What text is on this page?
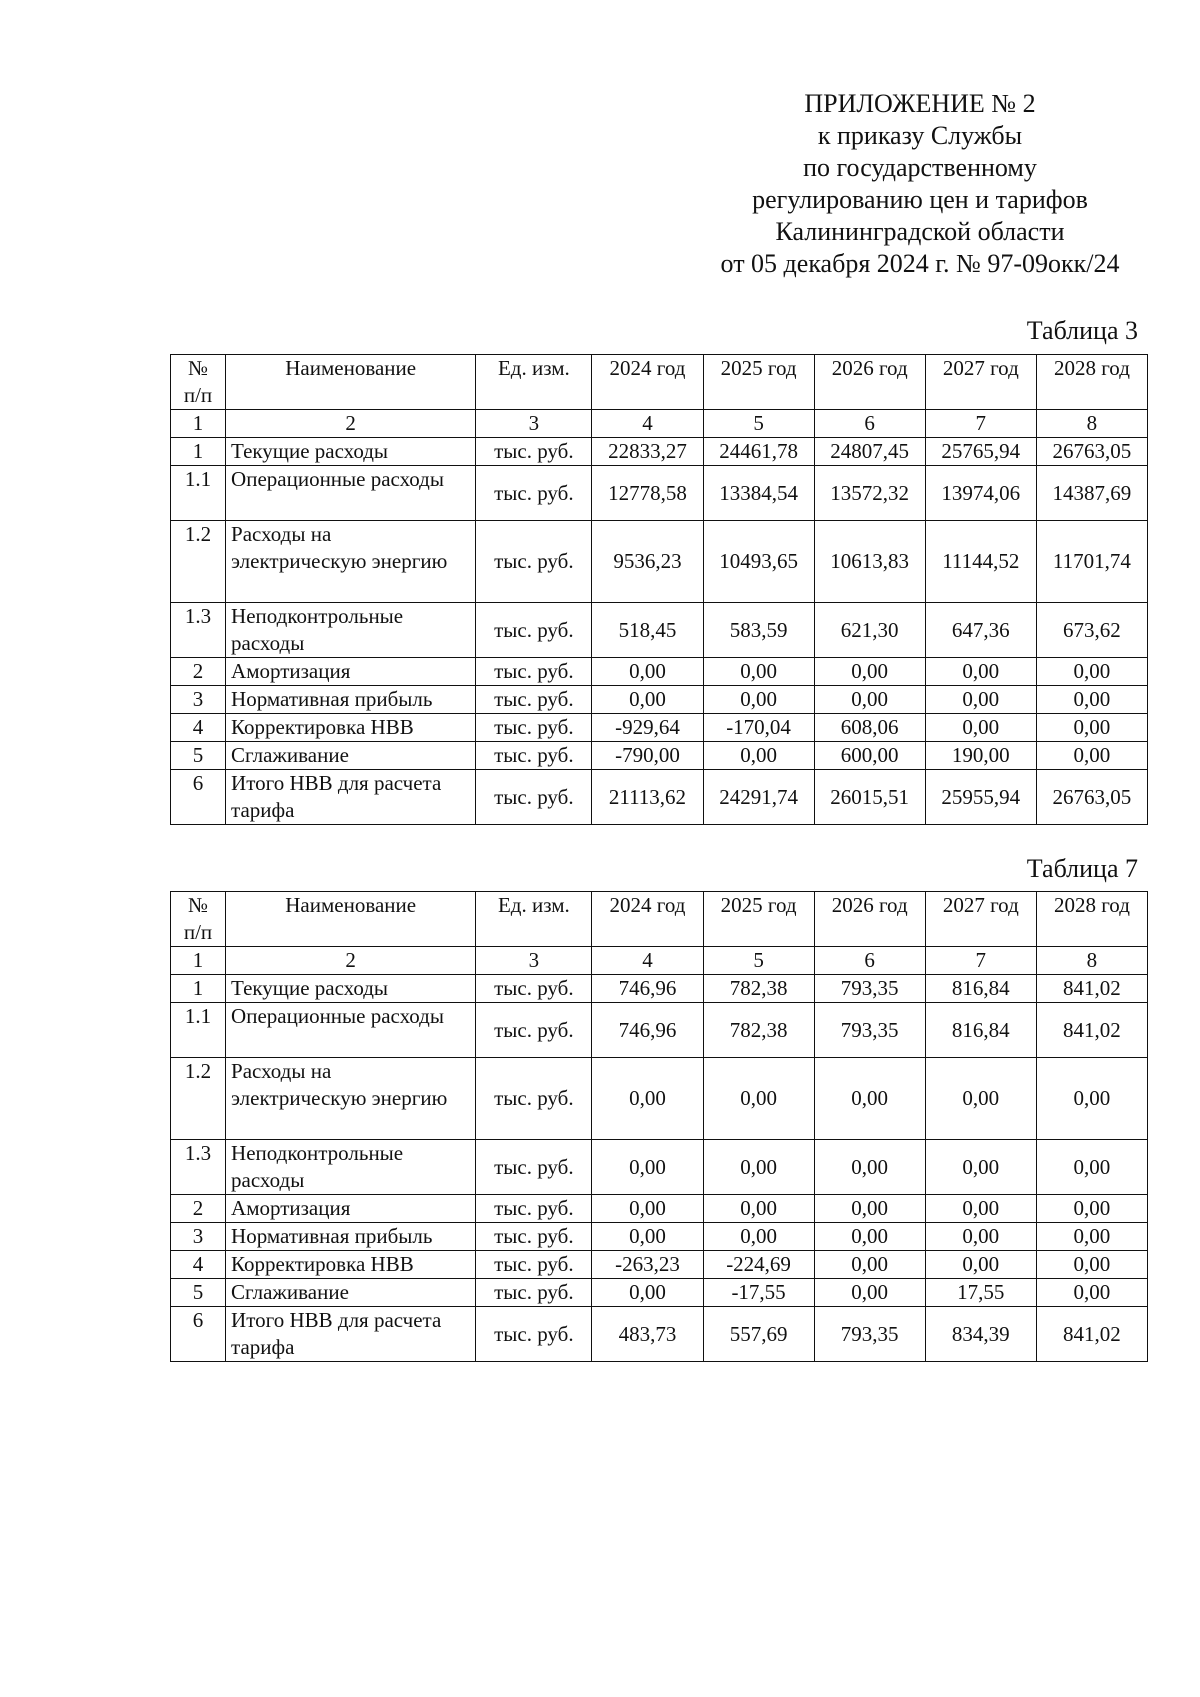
ПРИЛОЖЕНИЕ № 2
к приказу Службы
по государственному
регулированию цен и тарифов
Калининградской области
от 05 декабря 2024 г. № 97-09окк/24
Таблица 3
№ п/п	Наименование	Ед. изм.	2024 год	2025 год	2026 год	2027 год	2028 год
1	2	3	4	5	6	7	8
1	Текущие расходы	тыс. руб.	22833,27	24461,78	24807,45	25765,94	26763,05
1.1	Операционные расходы	тыс. руб.	12778,58	13384,54	13572,32	13974,06	14387,69
1.2	Расходы на электрическую энергию	тыс. руб.	9536,23	10493,65	10613,83	11144,52	11701,74
1.3	Неподконтрольные расходы	тыс. руб.	518,45	583,59	621,30	647,36	673,62
2	Амортизация	тыс. руб.	0,00	0,00	0,00	0,00	0,00
3	Нормативная прибыль	тыс. руб.	0,00	0,00	0,00	0,00	0,00
4	Корректировка НВВ	тыс. руб.	-929,64	-170,04	608,06	0,00	0,00
5	Сглаживание	тыс. руб.	-790,00	0,00	600,00	190,00	0,00
6	Итого НВВ для расчета тарифа	тыс. руб.	21113,62	24291,74	26015,51	25955,94	26763,05
Таблица 7
№ п/п	Наименование	Ед. изм.	2024 год	2025 год	2026 год	2027 год	2028 год
1	2	3	4	5	6	7	8
1	Текущие расходы	тыс. руб.	746,96	782,38	793,35	816,84	841,02
1.1	Операционные расходы	тыс. руб.	746,96	782,38	793,35	816,84	841,02
1.2	Расходы на электрическую энергию	тыс. руб.	0,00	0,00	0,00	0,00	0,00
1.3	Неподконтрольные расходы	тыс. руб.	0,00	0,00	0,00	0,00	0,00
2	Амортизация	тыс. руб.	0,00	0,00	0,00	0,00	0,00
3	Нормативная прибыль	тыс. руб.	0,00	0,00	0,00	0,00	0,00
4	Корректировка НВВ	тыс. руб.	-263,23	-224,69	0,00	0,00	0,00
5	Сглаживание	тыс. руб.	0,00	-17,55	0,00	17,55	0,00
6	Итого НВВ для расчета тарифа	тыс. руб.	483,73	557,69	793,35	834,39	841,02
